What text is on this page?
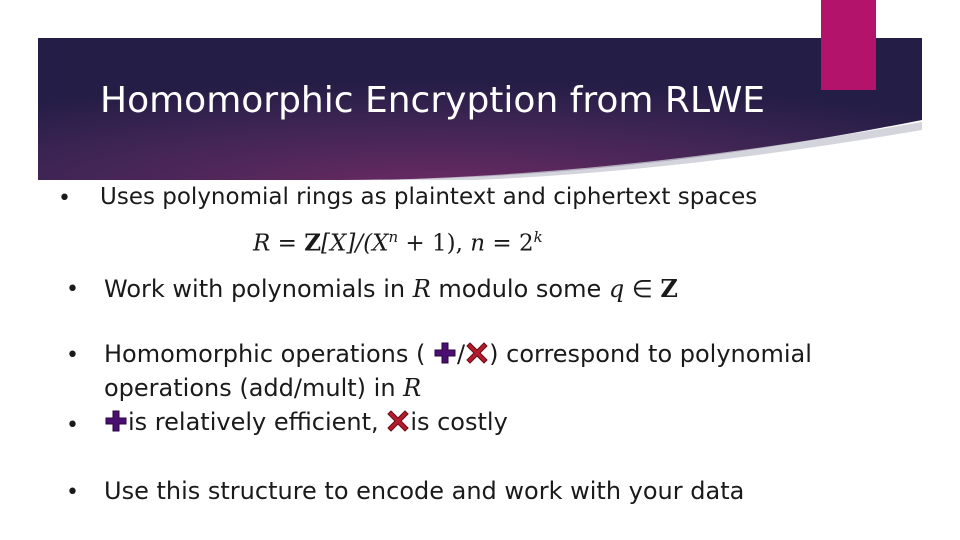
Homomorphic Encryption from RLWE
• Uses polynomial rings as plaintext and ciphertext spaces
$R = Z[X]/(X^n + 1)$, $n = 2^k$
• Work with polynomials in R modulo some q ∈ Z
• Homomorphic operations ( / ) correspond to polynomial
operations (add/mult) in R
•	is relatively efficient, is costly
• Use this structure to encode and work with your data
